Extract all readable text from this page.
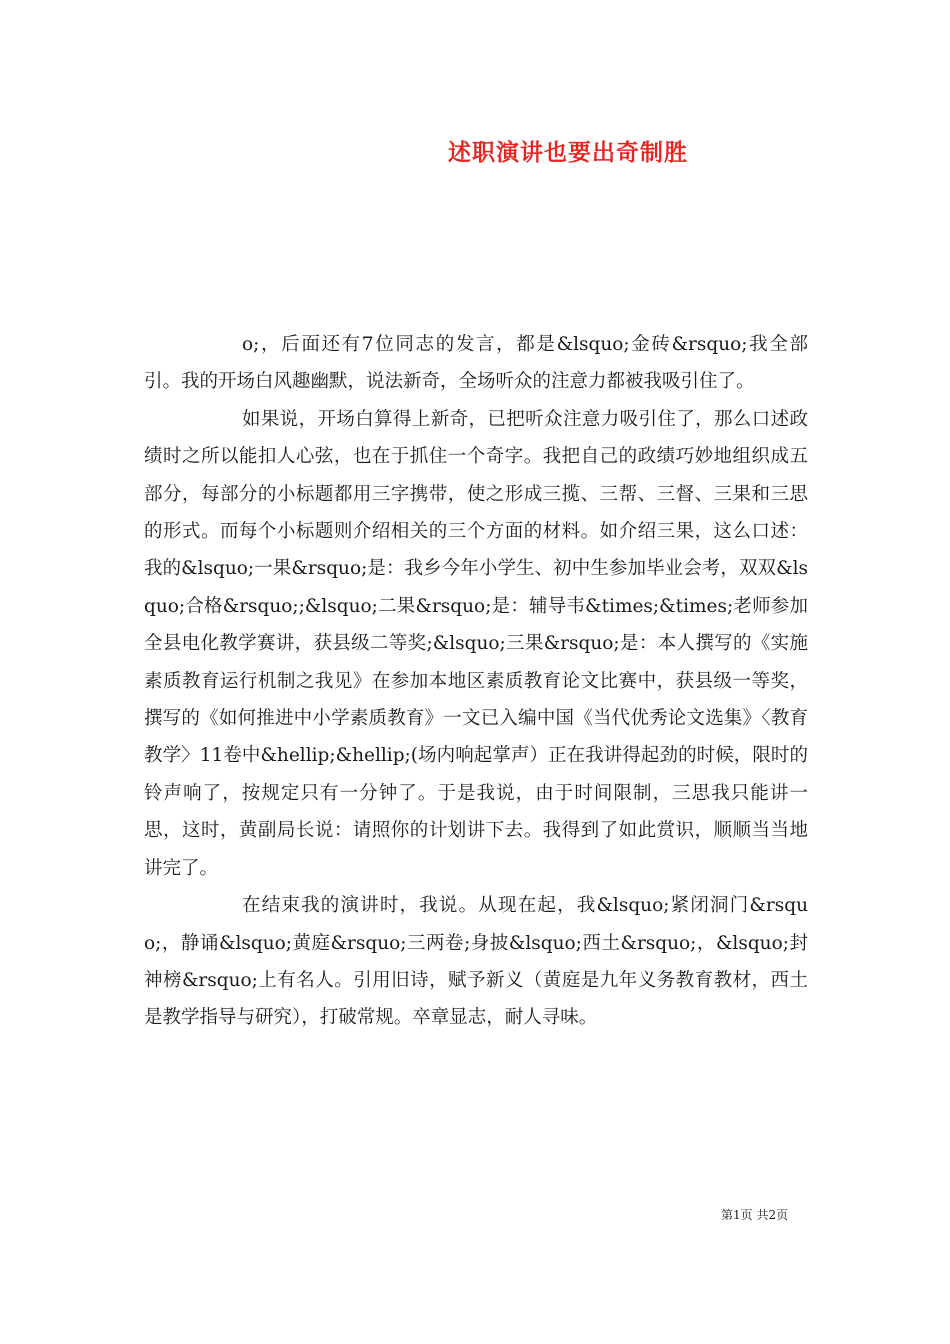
述职演讲也要出奇制胜

o;，后面还有7位同志的发言，都是&lsquo;金砖&rsquo;我全部引。我的开场白风趣幽默，说法新奇，全场听众的注意力都被我吸引住了。

如果说，开场白算得上新奇，已把听众注意力吸引住了，那么口述政绩时之所以能扣人心弦，也在于抓住一个奇字。我把自己的政绩巧妙地组织成五部分，每部分的小标题都用三字携带，使之形成三揽、三帮、三督、三果和三思的形式。而每个小标题则介绍相关的三个方面的材料。如介绍三果，这么口述：我的&lsquo;一果&rsquo;是：我乡今年小学生、初中生参加毕业会考，双双&lsquo;合格&rsquo;;&lsquo;二果&rsquo;是：辅导韦&times;&times;老师参加全县电化教学赛讲，获县级二等奖;&lsquo;三果&rsquo;是：本人撰写的《实施素质教育运行机制之我见》在参加本地区素质教育论文比赛中，获县级一等奖，撰写的《如何推进中小学素质教育》一文已入编中国《当代优秀论文选集》〈教育教学〉11卷中&hellip;&hellip;(场内响起掌声）正在我讲得起劲的时候，限时的铃声响了，按规定只有一分钟了。于是我说，由于时间限制，三思我只能讲一思，这时，黄副局长说：请照你的计划讲下去。我得到了如此赏识，顺顺当当地讲完了。

在结束我的演讲时，我说。从现在起，我&lsquo;紧闭洞门&rsquo;，静诵&lsquo;黄庭&rsquo;三两卷;身披&lsquo;西土&rsquo;，&lsquo;封神榜&rsquo;上有名人。引用旧诗，赋予新义（黄庭是九年义务教育教材，西土是教学指导与研究），打破常规。卒章显志，耐人寻味。

第1页 共2页
